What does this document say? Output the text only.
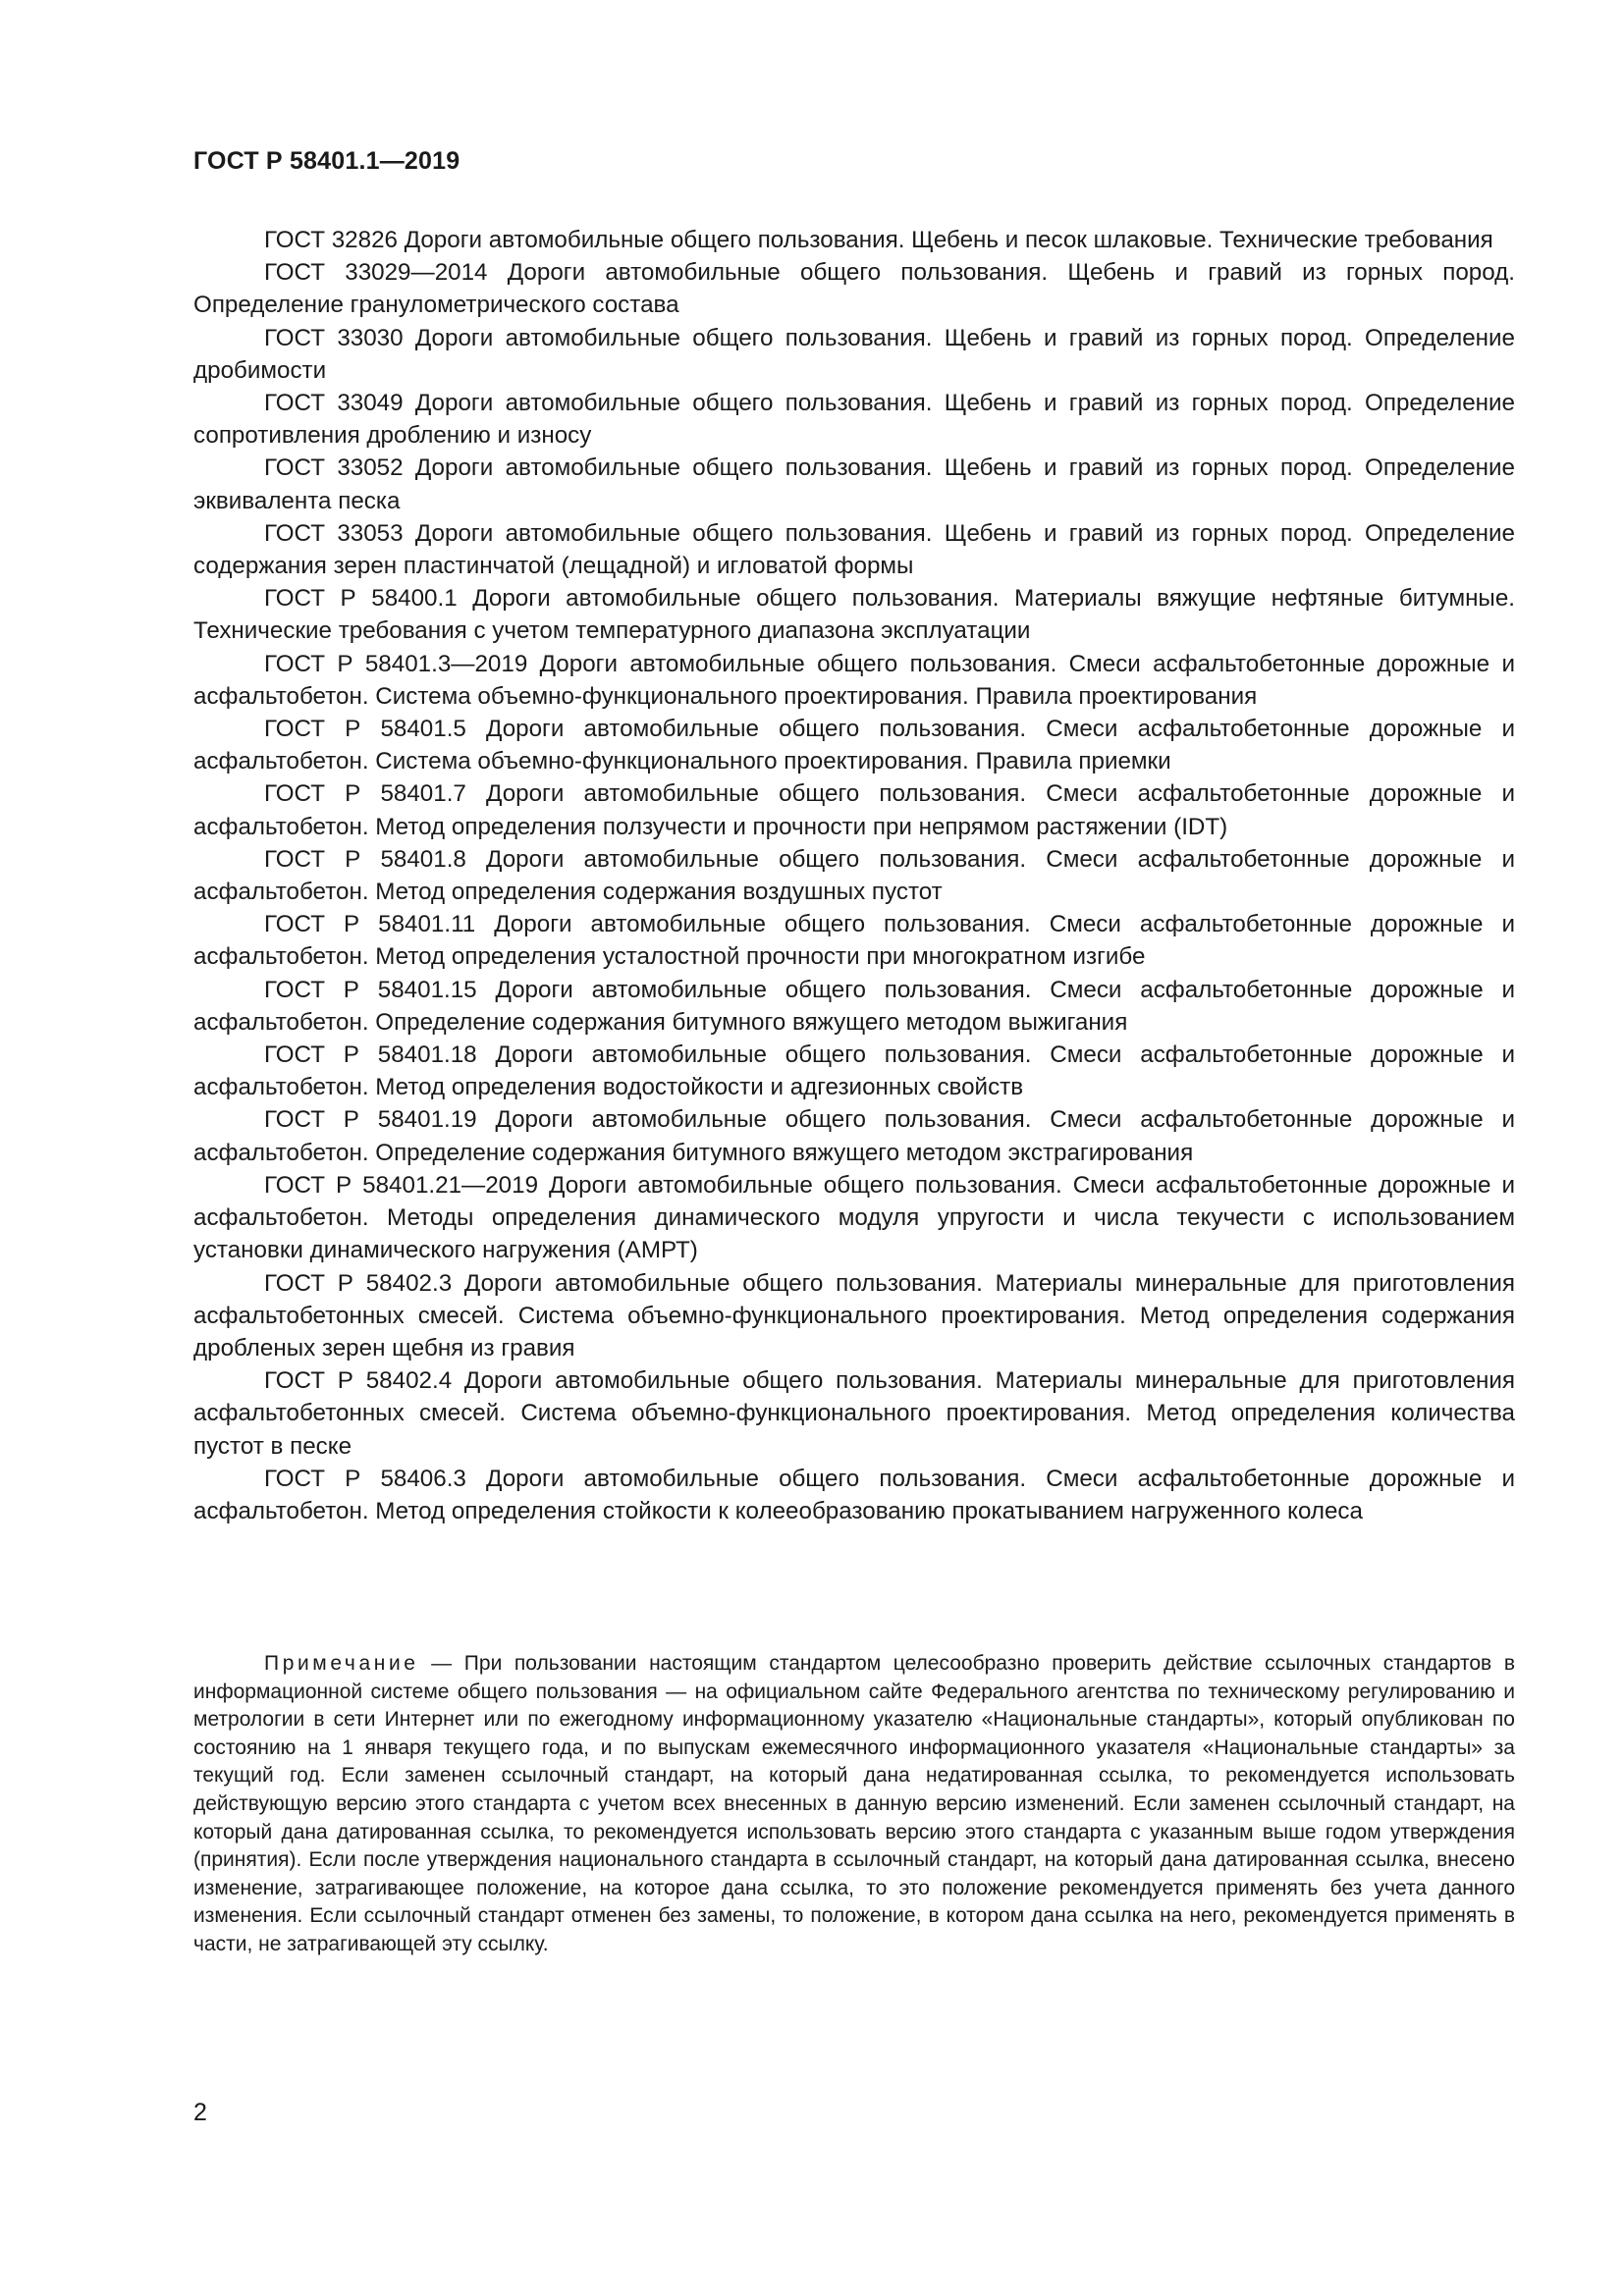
ГОСТ Р 58401.1—2019

ГОСТ 32826 Дороги автомобильные общего пользования. Щебень и песок шлаковые. Технические требования

ГОСТ 33029—2014 Дороги автомобильные общего пользования. Щебень и гравий из горных пород. Определение гранулометрического состава

ГОСТ 33030 Дороги автомобильные общего пользования. Щебень и гравий из горных пород. Определение дробимости

ГОСТ 33049 Дороги автомобильные общего пользования. Щебень и гравий из горных пород. Определение сопротивления дроблению и износу

ГОСТ 33052 Дороги автомобильные общего пользования. Щебень и гравий из горных пород. Определение эквивалента песка

ГОСТ 33053 Дороги автомобильные общего пользования. Щебень и гравий из горных пород. Определение содержания зерен пластинчатой (лещадной) и игловатой формы

ГОСТ Р 58400.1 Дороги автомобильные общего пользования. Материалы вяжущие нефтяные битумные. Технические требования с учетом температурного диапазона эксплуатации

ГОСТ Р 58401.3—2019 Дороги автомобильные общего пользования. Смеси асфальтобетонные дорожные и асфальтобетон. Система объемно-функционального проектирования. Правила проектирования

ГОСТ Р 58401.5 Дороги автомобильные общего пользования. Смеси асфальтобетонные дорожные и асфальтобетон. Система объемно-функционального проектирования. Правила приемки

ГОСТ Р 58401.7 Дороги автомобильные общего пользования. Смеси асфальтобетонные дорожные и асфальтобетон. Метод определения ползучести и прочности при непрямом растяжении (IDT)

ГОСТ Р 58401.8 Дороги автомобильные общего пользования. Смеси асфальтобетонные дорожные и асфальтобетон. Метод определения содержания воздушных пустот

ГОСТ Р 58401.11 Дороги автомобильные общего пользования. Смеси асфальтобетонные дорожные и асфальтобетон. Метод определения усталостной прочности при многократном изгибе

ГОСТ Р 58401.15 Дороги автомобильные общего пользования. Смеси асфальтобетонные дорожные и асфальтобетон. Определение содержания битумного вяжущего методом выжигания

ГОСТ Р 58401.18 Дороги автомобильные общего пользования. Смеси асфальтобетонные дорожные и асфальтобетон. Метод определения водостойкости и адгезионных свойств

ГОСТ Р 58401.19 Дороги автомобильные общего пользования. Смеси асфальтобетонные дорожные и асфальтобетон. Определение содержания битумного вяжущего методом экстрагирования

ГОСТ Р 58401.21—2019 Дороги автомобильные общего пользования. Смеси асфальтобетонные дорожные и асфальтобетон. Методы определения динамического модуля упругости и числа текучести с использованием установки динамического нагружения (АМРТ)

ГОСТ Р 58402.3 Дороги автомобильные общего пользования. Материалы минеральные для приготовления асфальтобетонных смесей. Система объемно-функционального проектирования. Метод определения содержания дробленых зерен щебня из гравия

ГОСТ Р 58402.4 Дороги автомобильные общего пользования. Материалы минеральные для приготовления асфальтобетонных смесей. Система объемно-функционального проектирования. Метод определения количества пустот в песке

ГОСТ Р 58406.3 Дороги автомобильные общего пользования. Смеси асфальтобетонные дорожные и асфальтобетон. Метод определения стойкости к колееобразованию прокатыванием нагруженного колеса

Примечание — При пользовании настоящим стандартом целесообразно проверить действие ссылочных стандартов в информационной системе общего пользования — на официальном сайте Федерального агентства по техническому регулированию и метрологии в сети Интернет или по ежегодному информационному указателю «Национальные стандарты», который опубликован по состоянию на 1 января текущего года, и по выпускам ежемесячного информационного указателя «Национальные стандарты» за текущий год. Если заменен ссылочный стандарт, на который дана недатированная ссылка, то рекомендуется использовать действующую версию этого стандарта с учетом всех внесенных в данную версию изменений. Если заменен ссылочный стандарт, на который дана датированная ссылка, то рекомендуется использовать версию этого стандарта с указанным выше годом утверждения (принятия). Если после утверждения национального стандарта в ссылочный стандарт, на который дана датированная ссылка, внесено изменение, затрагивающее положение, на которое дана ссылка, то это положение рекомендуется применять без учета данного изменения. Если ссылочный стандарт отменен без замены, то положение, в котором дана ссылка на него, рекомендуется применять в части, не затрагивающей эту ссылку.

2
